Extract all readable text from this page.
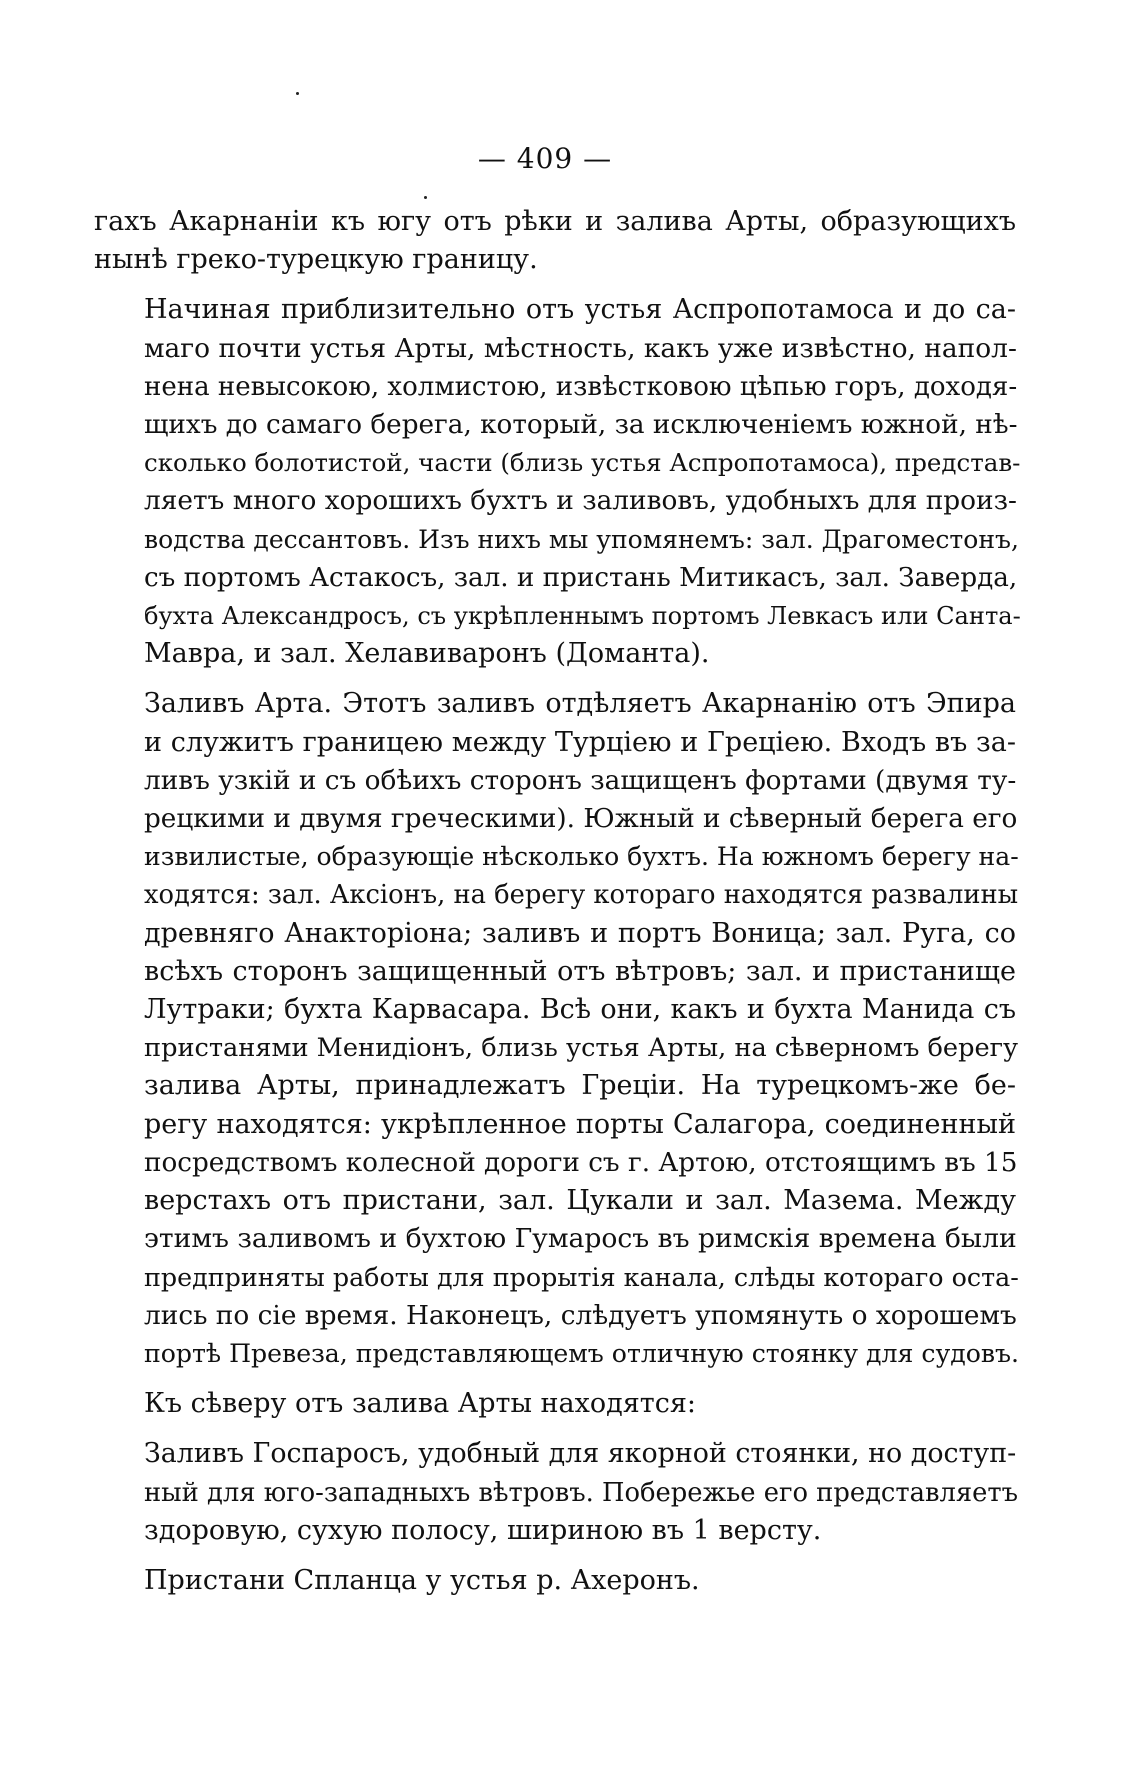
— 409 —

гахъ Акарнаніи къ югу отъ рѣки и залива Арты, образующихъ
нынѣ греко-турецкую границу.

Начиная приблизительно отъ устья Аспропотамоса и до са-
маго почти устья Арты, мѣстность, какъ уже извѣстно, напол-
нена невысокою, холмистою, извѣстковою цѣпью горъ, доходя-
щихъ до самаго берега, который, за исключеніемъ южной, нѣ-
сколько болотистой, части (близь устья Аспропотамоса), представ-
ляетъ много хорошихъ бухтъ и заливовъ, удобныхъ для произ-
водства дессантовъ. Изъ нихъ мы упомянемъ: зал. Драгоместонъ,
съ портомъ Астакосъ, зал. и пристань Митикасъ, зал. Заверда,
бухта Александросъ, съ укрѣпленнымъ портомъ Левкасъ или Санта-
Маврa, и зал. Хелавиваронъ (Доманта).

Заливъ Арта. Этотъ заливъ отдѣляетъ Акарнанію отъ Эпира
и служитъ границею между Турціею и Греціею. Входъ въ за-
ливъ узкій и съ обѣихъ сторонъ защищенъ фортами (двумя ту-
рецкими и двумя греческими). Южный и сѣверный берега его
извилистые, образующіе нѣсколько бухтъ. На южномъ берегу на-
ходятся: зал. Аксіонъ, на берегу котораго находятся развалины
древняго Анакторіона; заливъ и портъ Воница; зал. Руга, со
всѣхъ сторонъ защищенный отъ вѣтровъ; зал. и пристанище
Лутраки; бухта Карвасара. Всѣ они, какъ и бухта Манида съ
пристанями Менидіонъ, близь устья Арты, на сѣверномъ берегу
залива Арты, принадлежатъ Греціи. На турецкомъ-же бе-
регу находятся: укрѣпленное порты Салагора, соединенный
посредствомъ колесной дороги съ г. Артою, отстоящимъ въ 15
верстахъ отъ пристани, зал. Цукали и зал. Мазема. Между
этимъ заливомъ и бухтою Гумаросъ въ римскія времена были
предприняты работы для прорытія канала, слѣды котораго оста-
лись по сіе время. Наконецъ, слѣдуетъ упомянуть о хорошемъ
портѣ Превеза, представляющемъ отличную стоянку для судовъ.

Къ сѣверу отъ залива Арты находятся:

Заливъ Госпаросъ, удобный для якорной стоянки, но доступ-
ный для юго-западныхъ вѣтровъ. Побережье его представляетъ
здоровую, сухую полосу, шириною въ 1 версту.

Пристани Спланца у устья р. Ахеронъ.
